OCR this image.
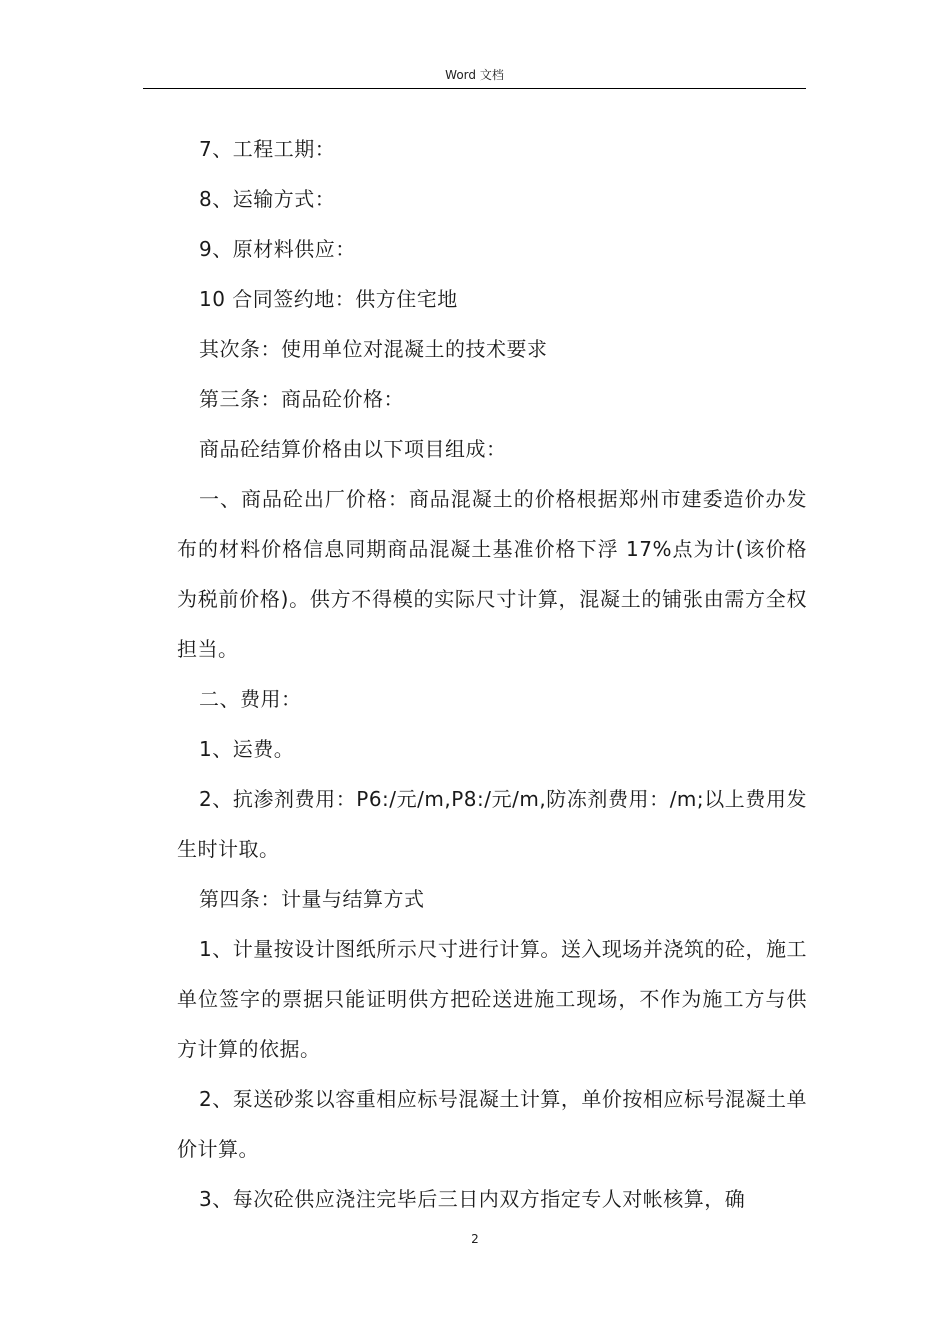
Word 文档

7、工程工期：

8、运输方式：

9、原材料供应：

10 合同签约地：供方住宅地

其次条：使用单位对混凝土的技术要求

第三条：商品砼价格：

商品砼结算价格由以下项目组成：

一、商品砼出厂价格：商品混凝土的价格根据郑州市建委造价办发布的材料价格信息同期商品混凝土基准价格下浮 17%点为计(该价格为税前价格)。供方不得模的实际尺寸计算，混凝土的铺张由需方全权担当。

二、费用：

1、运费。

2、抗渗剂费用：P6:/元/m,P8:/元/m,防冻剂费用：/m;以上费用发生时计取。

第四条：计量与结算方式

1、计量按设计图纸所示尺寸进行计算。送入现场并浇筑的砼，施工单位签字的票据只能证明供方把砼送进施工现场，不作为施工方与供方计算的依据。

2、泵送砂浆以容重相应标号混凝土计算，单价按相应标号混凝土单价计算。

3、每次砼供应浇注完毕后三日内双方指定专人对帐核算，确

2
